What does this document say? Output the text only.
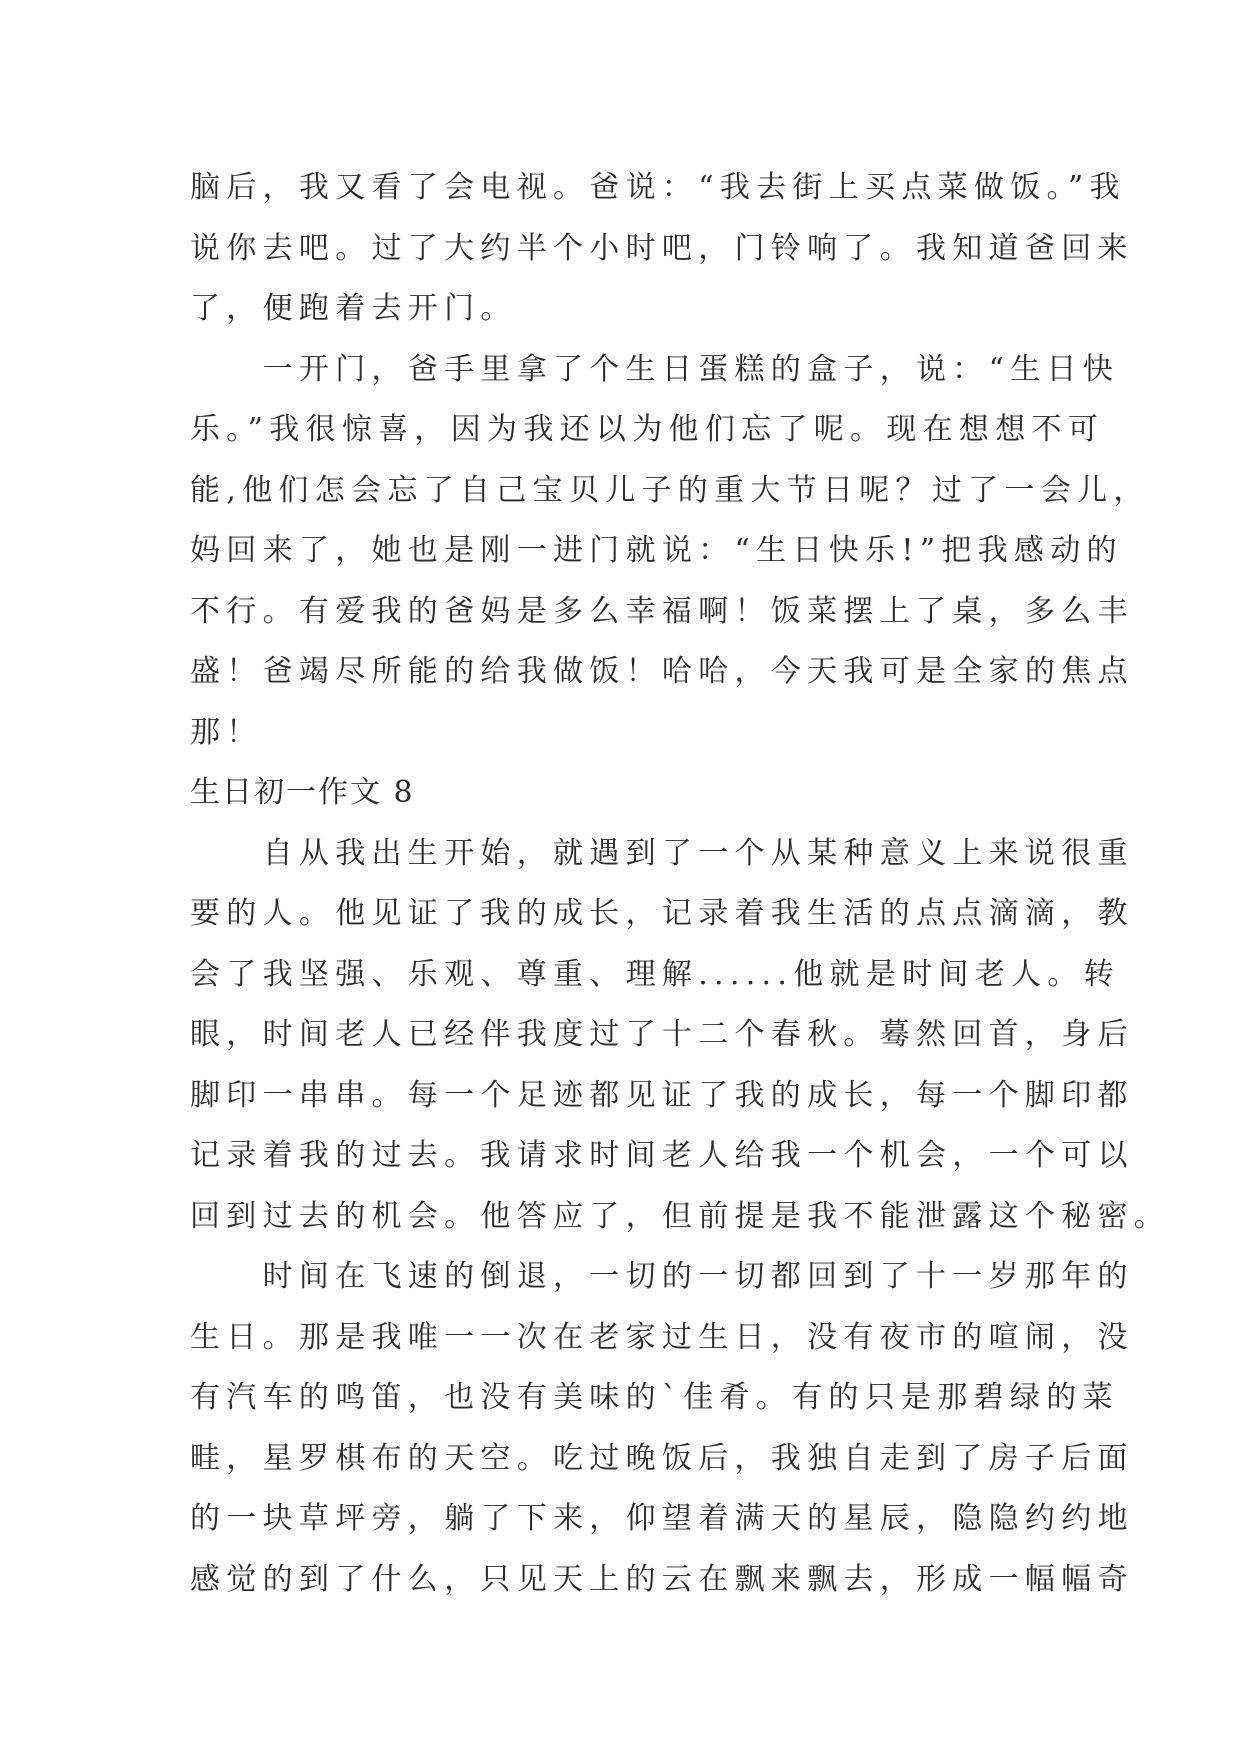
脑后，我又看了会电视。爸说：“我去街上买点菜做饭。”我
说你去吧。过了大约半个小时吧，门铃响了。我知道爸回来
了，便跑着去开门。
　　一开门，爸手里拿了个生日蛋糕的盒子，说：“生日快
乐。”我很惊喜，因为我还以为他们忘了呢。现在想想不可
能,他们怎会忘了自己宝贝儿子的重大节日呢？过了一会儿，
妈回来了，她也是刚一进门就说：“生日快乐!”把我感动的
不行。有爱我的爸妈是多么幸福啊！饭菜摆上了桌，多么丰
盛！爸竭尽所能的给我做饭！哈哈，今天我可是全家的焦点
那！
生日初一作文 8
　　自从我出生开始，就遇到了一个从某种意义上来说很重
要的人。他见证了我的成长，记录着我生活的点点滴滴，教
会了我坚强、乐观、尊重、理解......他就是时间老人。转
眼，时间老人已经伴我度过了十二个春秋。蓦然回首，身后
脚印一串串。每一个足迹都见证了我的成长，每一个脚印都
记录着我的过去。我请求时间老人给我一个机会，一个可以
回到过去的机会。他答应了，但前提是我不能泄露这个秘密。
　　时间在飞速的倒退，一切的一切都回到了十一岁那年的
生日。那是我唯一一次在老家过生日，没有夜市的喧闹，没
有汽车的鸣笛，也没有美味的`佳肴。有的只是那碧绿的菜
畦，星罗棋布的天空。吃过晚饭后，我独自走到了房子后面
的一块草坪旁，躺了下来，仰望着满天的星辰，隐隐约约地
感觉的到了什么，只见天上的云在飘来飘去，形成一幅幅奇
